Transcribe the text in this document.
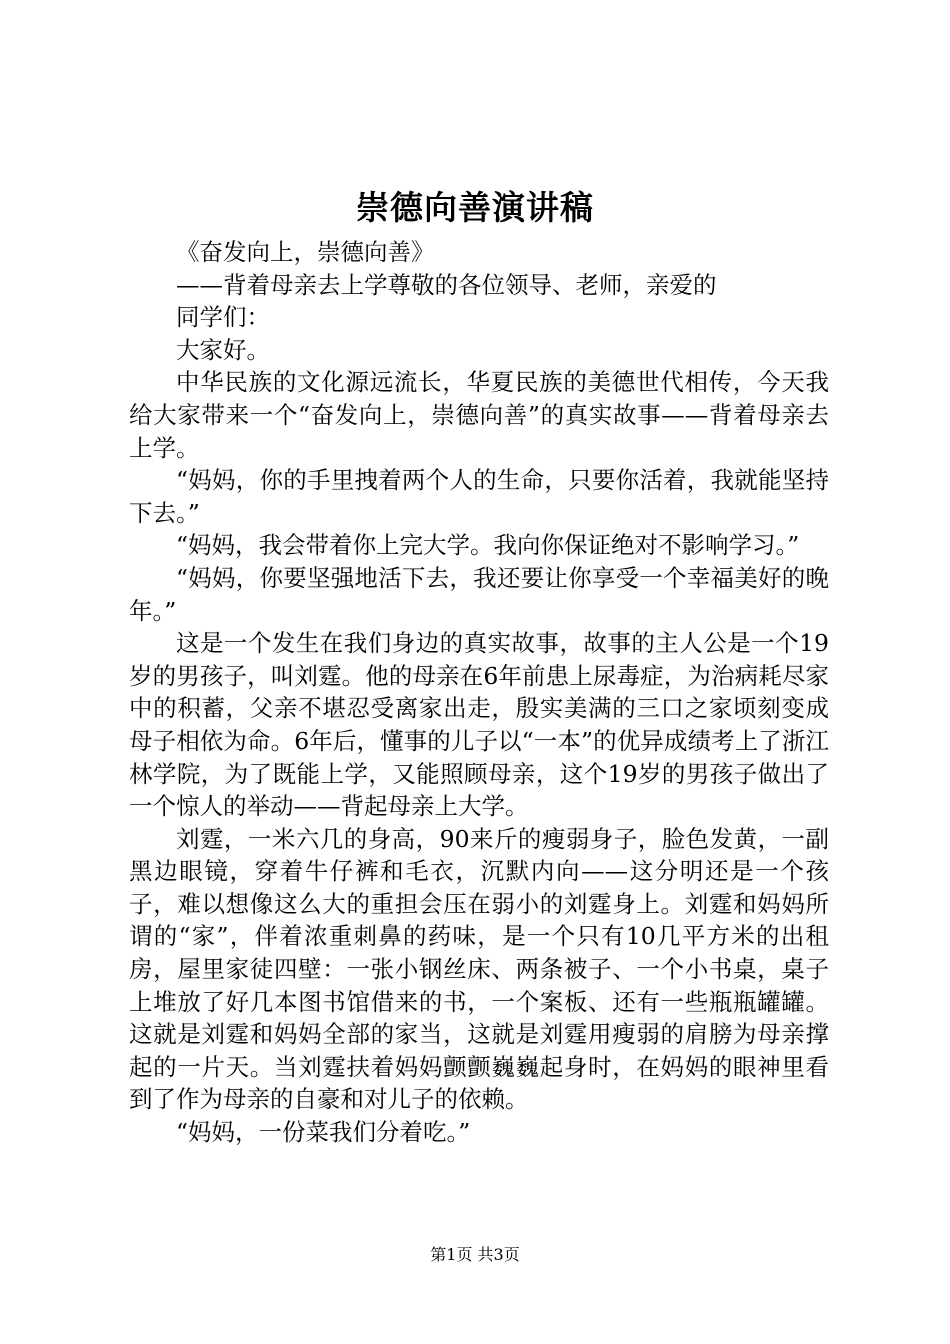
崇德向善演讲稿

《奋发向上，崇德向善》

——背着母亲去上学尊敬的各位领导、老师，亲爱的

同学们：

大家好。

中华民族的文化源远流长，华夏民族的美德世代相传，今天我给大家带来一个“奋发向上，崇德向善”的真实故事——背着母亲去上学。

“妈妈，你的手里拽着两个人的生命，只要你活着，我就能坚持下去。”

“妈妈，我会带着你上完大学。我向你保证绝对不影响学习。”

“妈妈，你要坚强地活下去，我还要让你享受一个幸福美好的晚年。”

这是一个发生在我们身边的真实故事，故事的主人公是一个19岁的男孩子，叫刘霆。他的母亲在6年前患上尿毒症，为治病耗尽家中的积蓄，父亲不堪忍受离家出走，殷实美满的三口之家顷刻变成母子相依为命。6年后，懂事的儿子以“一本”的优异成绩考上了浙江林学院，为了既能上学，又能照顾母亲，这个19岁的男孩子做出了一个惊人的举动——背起母亲上大学。

刘霆，一米六几的身高，90来斤的瘦弱身子，脸色发黄，一副黑边眼镜，穿着牛仔裤和毛衣，沉默内向——这分明还是一个孩子，难以想像这么大的重担会压在弱小的刘霆身上。刘霆和妈妈所谓的“家”，伴着浓重刺鼻的药味，是一个只有10几平方米的出租房，屋里家徒四壁：一张小钢丝床、两条被子、一个小书桌，桌子上堆放了好几本图书馆借来的书，一个案板、还有一些瓶瓶罐罐。这就是刘霆和妈妈全部的家当，这就是刘霆用瘦弱的肩膀为母亲撑起的一片天。当刘霆扶着妈妈颤颤巍巍起身时，在妈妈的眼神里看到了作为母亲的自豪和对儿子的依赖。

“妈妈，一份菜我们分着吃。”

第1页 共3页
